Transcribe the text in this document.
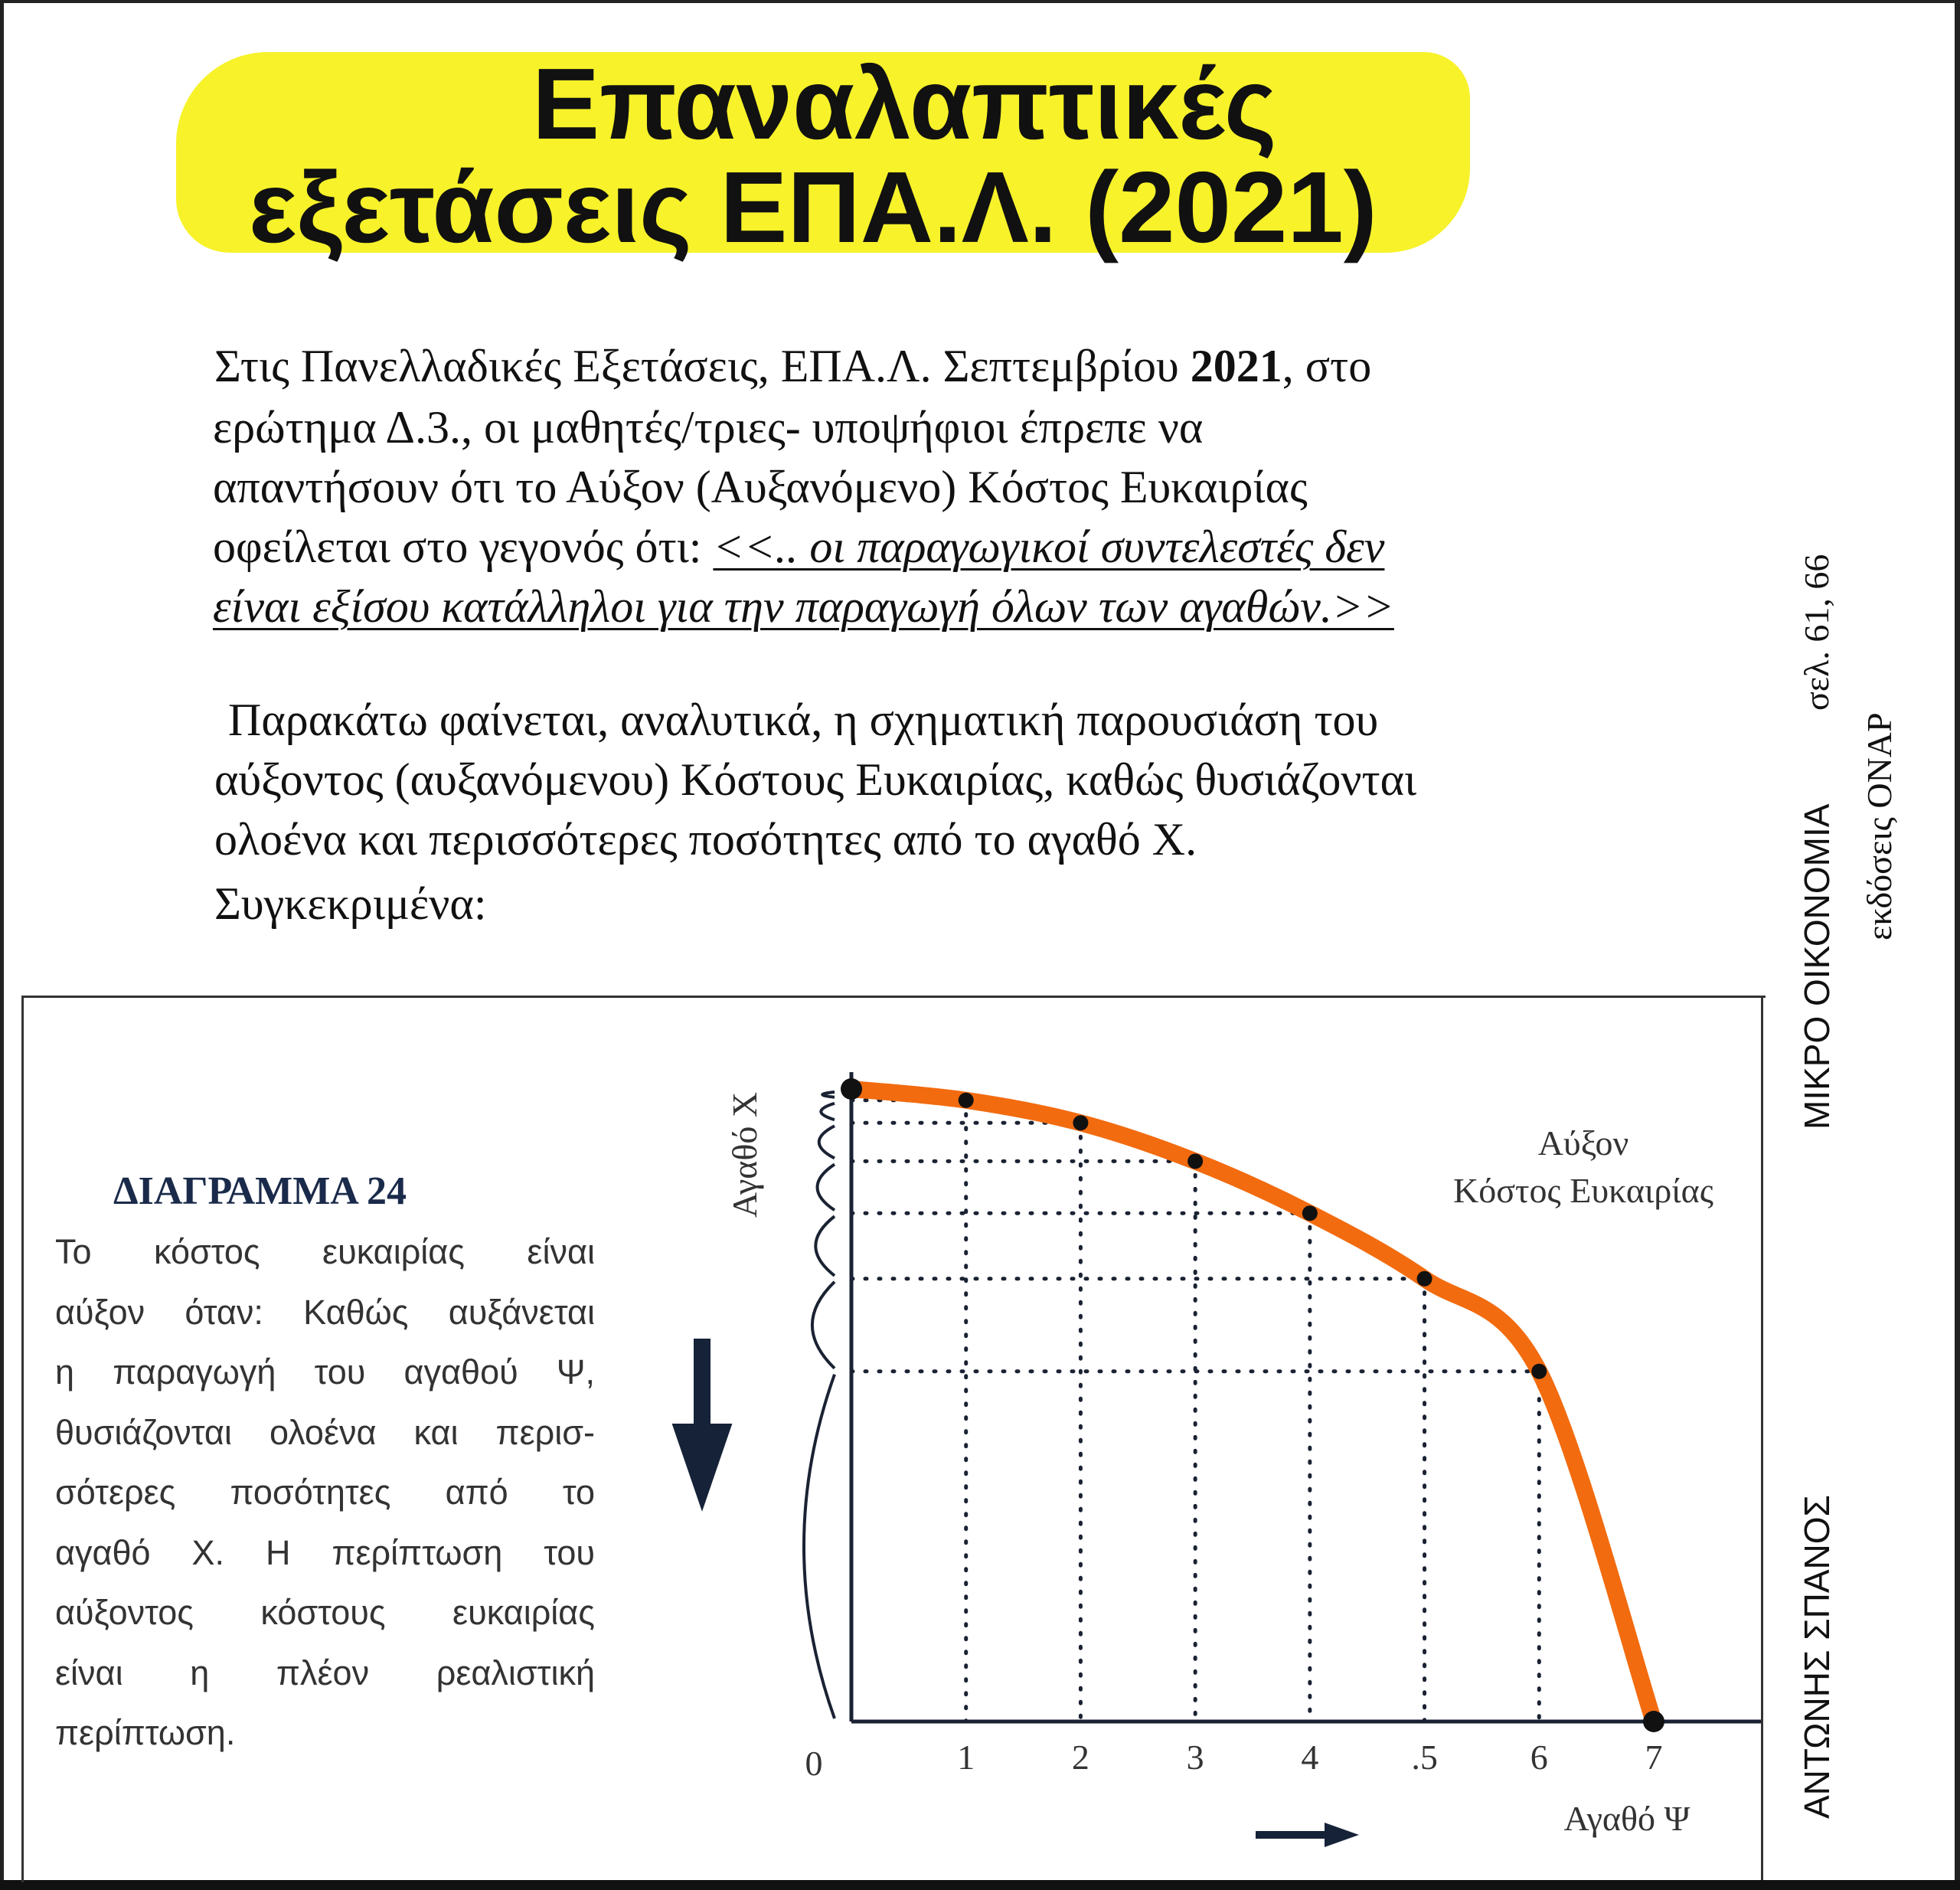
Επαναλαπτικές
εξετάσεις ΕΠΑ.Λ. (2021)
Στις Πανελλαδικές Εξετάσεις, ΕΠΑ.Λ. Σεπτεμβρίου 2021, στο
ερώτημα Δ.3., οι μαθητές/τριες- υποψήφιοι έπρεπε να
απαντήσουν ότι το Αύξον (Αυξανόμενο) Κόστος Ευκαιρίας
οφείλεται στο γεγονός ότι: <<.. οι παραγωγικοί συντελεστές δεν
είναι εξίσου κατάλληλοι για την παραγωγή όλων των αγαθών.>>
Παρακάτω φαίνεται, αναλυτικά, η σχηματική παρουσιάση του
αύξοντος (αυξανόμενου) Κόστους Ευκαιρίας, καθώς θυσιάζονται
ολοένα και περισσότερες ποσότητες από το αγαθό Χ.
Συγκεκριμένα:	ΜΙΚΡΟ ΟΙΚΟΝΟΜΙΑ
σελ. 61, 66
εκδόσεις ΟΝΑΡ
ΑΝΤΩΝΗΣ ΣΠΑΝΟΣ
ΔΙΑΓΡΑΜΜΑ 24
Το κόστος ευκαιρίας είναι
αύξον όταν: Καθώς αυξάνεται
η παραγωγή του αγαθού Ψ,
θυσιάζονται ολοένα και περισ-
σότερες ποσότητες από το
αγαθό Χ. Η περίπτωση του
αύξοντος κόστους ευκαιρίας
είναι η πλέον ρεαλιστική
περίπτωση.
0	1	2	3	4	.5	6	7
Αγαθό Ψ
Αγαθό Χ	Αύξον
Κόστος Ευκαιρίας
